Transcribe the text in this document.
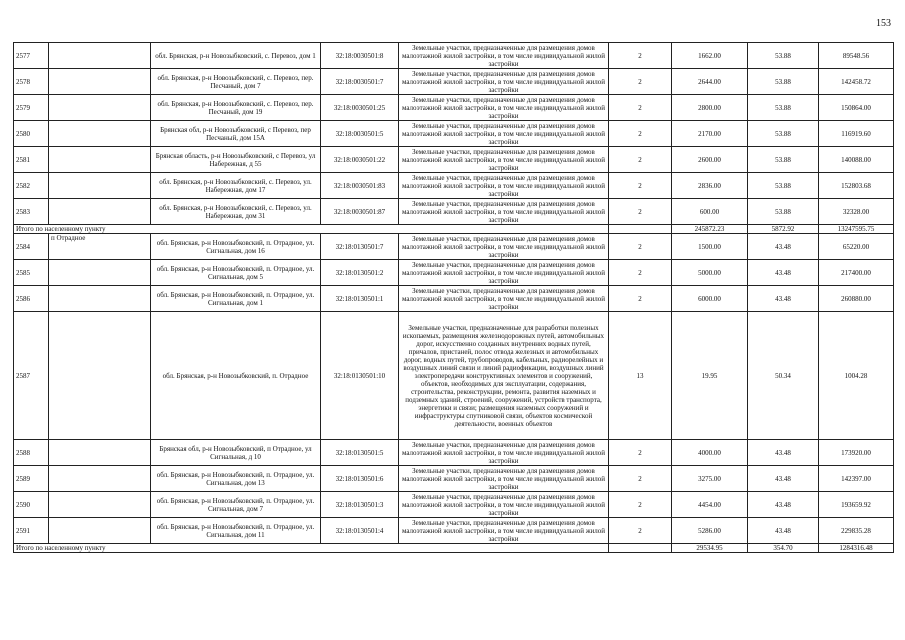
153
2577		обл. Брянская, р-н Новозыбковский, с. Перевоз, дом 1	32:18:0030501:8	Земельные участки, предназначенные для размещения домов малоэтажной жилой застройки, в том числе индивидуальной жилой застройки	2	1662.00	53.88	89548.56
2578		обл. Брянская, р-н Новозыбковский, с. Перевоз, пер. Песчаный, дом 7	32:18:0030501:7	Земельные участки, предназначенные для размещения домов малоэтажной жилой застройки, в том числе индивидуальной жилой застройки	2	2644.00	53.88	142458.72
2579		обл. Брянская, р-н Новозыбковский, с. Перевоз, пер. Песчаный, дом 19	32:18:0030501:25	Земельные участки, предназначенные для размещения домов малоэтажной жилой застройки, в том числе индивидуальной жилой застройки	2	2800.00	53.88	150864.00
2580		Брянская обл, р-н Новозыбковский, с Перевоз, пер Песчаный, дом 15А	32:18:0030501:5	Земельные участки, предназначенные для размещения домов малоэтажной жилой застройки, в том числе индивидуальной жилой застройки	2	2170.00	53.88	116919.60
2581		Брянская область, р-н Новозыбковский, с Перевоз, ул Набережная, д 55	32:18:0030501:22	Земельные участки, предназначенные для размещения домов малоэтажной жилой застройки, в том числе индивидуальной жилой застройки	2	2600.00	53.88	140088.00
2582		обл. Брянская, р-н Новозыбковский, с. Перевоз, ул. Набережная, дом 17	32:18:0030501:83	Земельные участки, предназначенные для размещения домов малоэтажной жилой застройки, в том числе индивидуальной жилой застройки	2	2836.00	53.88	152803.68
2583		обл. Брянская, р-н Новозыбковский, с. Перевоз, ул. Набережная, дом 31	32:18:0030501:87	Земельные участки, предназначенные для размещения домов малоэтажной жилой застройки, в том числе индивидуальной жилой застройки	2	600.00	53.88	32328.00
Итого по населенному пункту						245872.23	5872.92	13247595.75
2584	п Отрадное	обл. Брянская, р-н Новозыбковский, п. Отрадное, ул. Сигнальная, дом 16	32:18:0130501:7	Земельные участки, предназначенные для размещения домов малоэтажной жилой застройки, в том числе индивидуальной жилой застройки	2	1500.00	43.48	65220.00
2585		обл. Брянская, р-н Новозыбковский, п. Отрадное, ул. Сигнальная, дом 5	32:18:0130501:2	Земельные участки, предназначенные для размещения домов малоэтажной жилой застройки, в том числе индивидуальной жилой застройки	2	5000.00	43.48	217400.00
2586		обл. Брянская, р-н Новозыбковский, п. Отрадное, ул. Сигнальная, дом 1	32:18:0130501:1	Земельные участки, предназначенные для размещения домов малоэтажной жилой застройки, в том числе индивидуальной жилой застройки	2	6000.00	43.48	260880.00
2587		обл. Брянская, р-н Новозыбковский, п. Отрадное	32:18:0130501:10	Земельные участки, предназначенные для разработки полезных ископаемых, размещения железнодорожных путей, автомобильных дорог, искусственно созданных внутренних водных путей, причалов, пристаней, полос отвода железных и автомобильных дорог, водных путей, трубопроводов, кабельных, радиорелейных и воздушных линий связи и линий радиофикации, воздушных линий электропередачи конструктивных элементов и сооружений, объектов, необходимых для эксплуатации, содержания, строительства, реконструкции, ремонта, развития наземных и подземных зданий, строений, сооружений, устройств транспорта, энергетики и связи; размещения наземных сооружений и инфраструктуры спутниковой связи, объектов космической деятельности, военных объектов	13	19.95	50.34	1004.28
2588		Брянская обл, р-н Новозыбковский, п Отрадное, ул Сигнальная, д 10	32:18:0130501:5	Земельные участки, предназначенные для размещения домов малоэтажной жилой застройки, в том числе индивидуальной жилой застройки	2	4000.00	43.48	173920.00
2589		обл. Брянская, р-н Новозыбковский, п. Отрадное, ул. Сигнальная, дом 13	32:18:0130501:6	Земельные участки, предназначенные для размещения домов малоэтажной жилой застройки, в том числе индивидуальной жилой застройки	2	3275.00	43.48	142397.00
2590		обл. Брянская, р-н Новозыбковский, п. Отрадное, ул. Сигнальная, дом 7	32:18:0130501:3	Земельные участки, предназначенные для размещения домов малоэтажной жилой застройки, в том числе индивидуальной жилой застройки	2	4454.00	43.48	193659.92
2591		обл. Брянская, р-н Новозыбковский, п. Отрадное, ул. Сигнальная, дом 11	32:18:0130501:4	Земельные участки, предназначенные для размещения домов малоэтажной жилой застройки, в том числе индивидуальной жилой застройки	2	5286.00	43.48	229835.28
Итого по населенному пункту						29534.95	354.70	1284316.48
